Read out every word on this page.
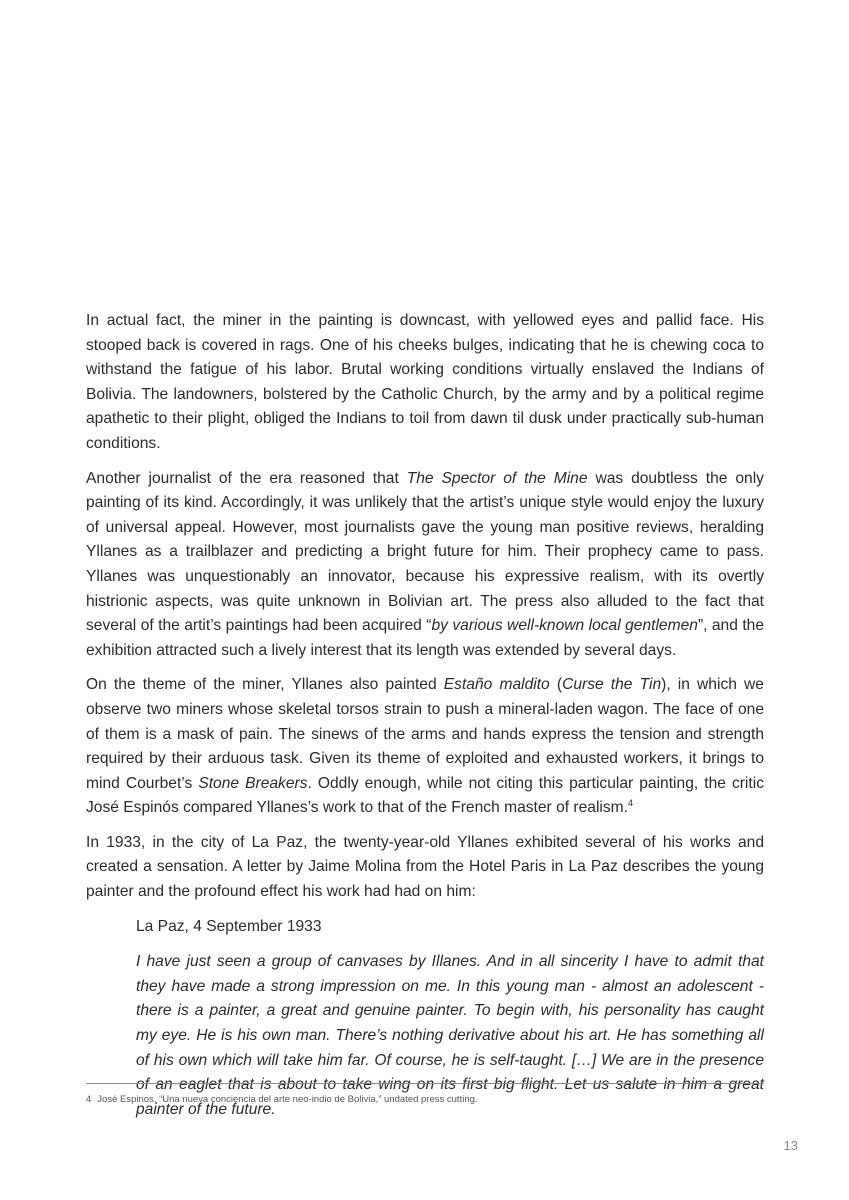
In actual fact, the miner in the painting is downcast, with yellowed eyes and pallid face. His stooped back is covered in rags. One of his cheeks bulges, indicating that he is chewing coca to withstand the fatigue of his labor. Brutal working conditions virtually enslaved the Indians of Bolivia. The landowners, bolstered by the Catholic Church, by the army and by a political regime apathetic to their plight, obliged the Indians to toil from dawn til dusk under practically sub-human conditions.

Another journalist of the era reasoned that The Spector of the Mine was doubtless the only painting of its kind. Accordingly, it was unlikely that the artist’s unique style would enjoy the luxury of universal appeal. However, most journalists gave the young man positive reviews, heralding Yllanes as a trailblazer and predicting a bright future for him. Their prophecy came to pass. Yllanes was unquestionably an innovator, because his expressive realism, with its overtly histrionic aspects, was quite unknown in Bolivian art. The press also alluded to the fact that several of the artit’s paintings had been acquired “by various well-known local gentlemen”, and the exhibition attracted such a lively interest that its length was extended by several days.

On the theme of the miner, Yllanes also painted Estaño maldito (Curse the Tin), in which we observe two miners whose skeletal torsos strain to push a mineral-laden wagon. The face of one of them is a mask of pain. The sinews of the arms and hands express the tension and strength required by their arduous task. Given its theme of exploited and exhausted workers, it brings to mind Courbet’s Stone Breakers. Oddly enough, while not citing this particular painting, the critic José Espinós compared Yllanes’s work to that of the French master of realism.$^4$

In 1933, in the city of La Paz, the twenty-year-old Yllanes exhibited several of his works and created a sensation. A letter by Jaime Molina from the Hotel Paris in La Paz describes the young painter and the profound effect his work had had on him:

La Paz, 4 September 1933

I have just seen a group of canvases by Illanes. And in all sincerity I have to admit that they have made a strong impression on me. In this young man - almost an adolescent - there is a painter, a great and genuine painter. To begin with, his personality has caught my eye. He is his own man. There’s nothing derivative about his art. He has something all of his own which will take him far. Of course, he is self-taught. […] We are in the presence of an eaglet that is about to take wing on its first big flight. Let us salute in him a great painter of the future.

4 José Espinos, “Una nueva conciencia del arte neo-indio de Bolivia,” undated press cutting.
13
